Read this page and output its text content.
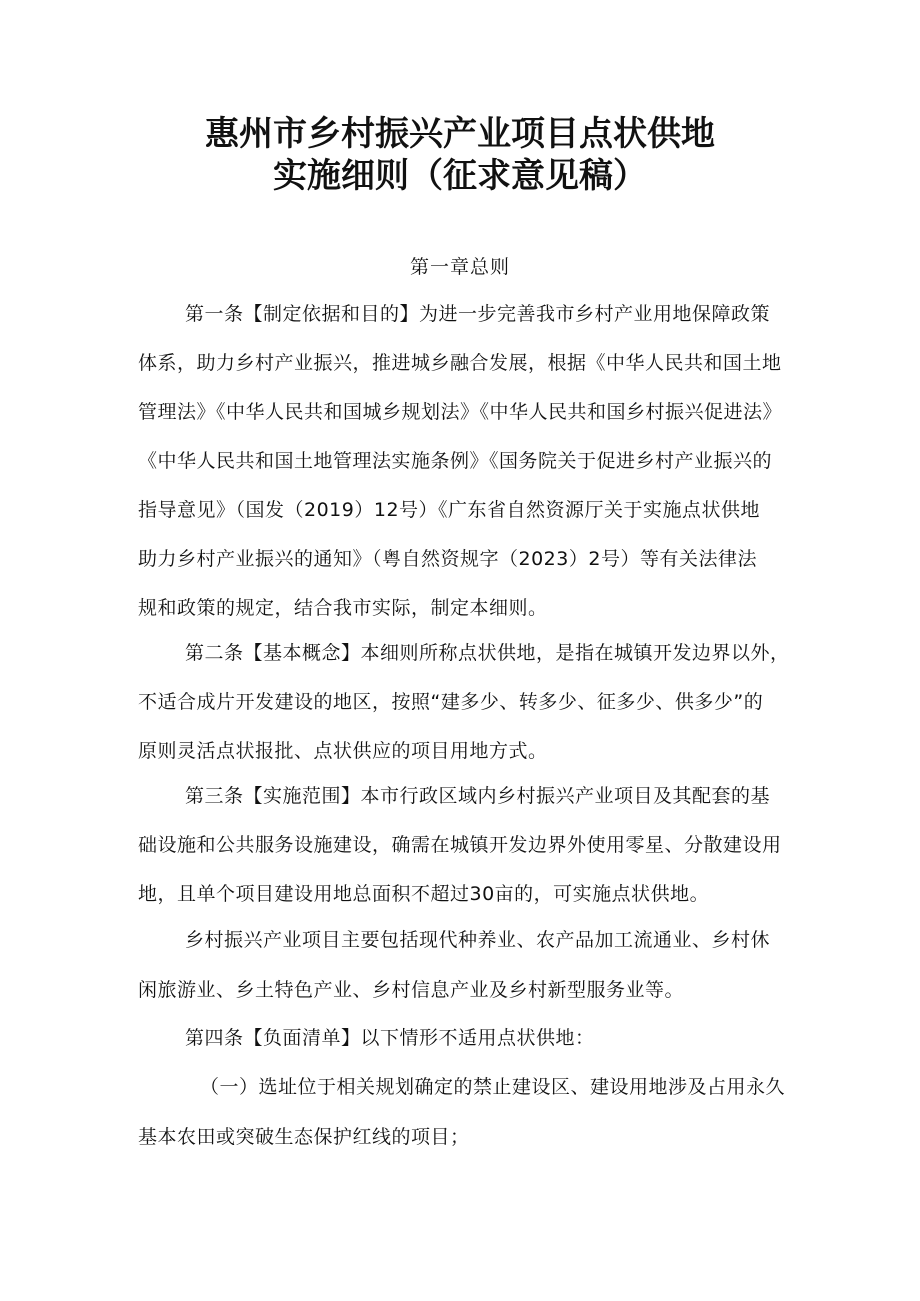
惠州市乡村振兴产业项目点状供地
实施细则（征求意见稿）
第一章总则
第一条【制定依据和目的】为进一步完善我市乡村产业用地保障政策
体系，助力乡村产业振兴，推进城乡融合发展，根据《中华人民共和国土地
管理法》《中华人民共和国城乡规划法》《中华人民共和国乡村振兴促进法》
《中华人民共和国土地管理法实施条例》《国务院关于促进乡村产业振兴的
指导意见》（国发（2019）12号）《广东省自然资源厅关于实施点状供地
助力乡村产业振兴的通知》（粤自然资规字（2023）2号）等有关法律法
规和政策的规定，结合我市实际，制定本细则。
第二条【基本概念】本细则所称点状供地，是指在城镇开发边界以外，
不适合成片开发建设的地区，按照“建多少、转多少、征多少、供多少”的
原则灵活点状报批、点状供应的项目用地方式。
第三条【实施范围】本市行政区域内乡村振兴产业项目及其配套的基
础设施和公共服务设施建设，确需在城镇开发边界外使用零星、分散建设用
地，且单个项目建设用地总面积不超过30亩的，可实施点状供地。
乡村振兴产业项目主要包括现代种养业、农产品加工流通业、乡村休
闲旅游业、乡土特色产业、乡村信息产业及乡村新型服务业等。
第四条【负面清单】以下情形不适用点状供地：
（一）选址位于相关规划确定的禁止建设区、建设用地涉及占用永久
基本农田或突破生态保护红线的项目；
